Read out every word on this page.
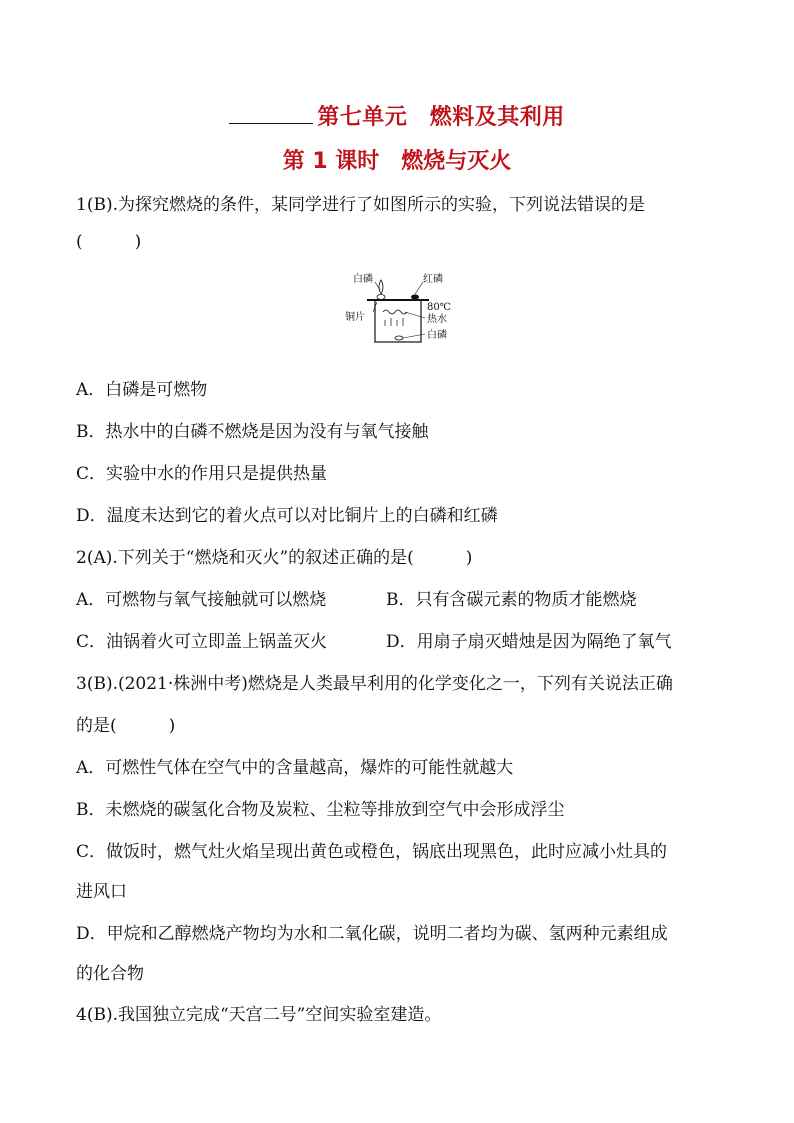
第七单元　燃料及其利用
第 1 课时　燃烧与灭火
1(B).为探究燃烧的条件，某同学进行了如图所示的实验，下列说法错误的是
(	)
白磷	红磷
80℃
铜片	热水
白磷
A．白磷是可燃物
B．热水中的白磷不燃烧是因为没有与氧气接触
C．实验中水的作用只是提供热量
D．温度未达到它的着火点可以对比铜片上的白磷和红磷
2(A).下列关于“燃烧和灭火”的叙述正确的是(	)
A．可燃物与氧气接触就可以燃烧	B．只有含碳元素的物质才能燃烧
C．油锅着火可立即盖上锅盖灭火	D．用扇子扇灭蜡烛是因为隔绝了氧气
3(B).(2021·株洲中考)燃烧是人类最早利用的化学变化之一，下列有关说法正确
的是(	)
A．可燃性气体在空气中的含量越高，爆炸的可能性就越大
B．未燃烧的碳氢化合物及炭粒、尘粒等排放到空气中会形成浮尘
C．做饭时，燃气灶火焰呈现出黄色或橙色，锅底出现黑色，此时应减小灶具的
进风口
D．甲烷和乙醇燃烧产物均为水和二氧化碳，说明二者均为碳、氢两种元素组成
的化合物
4(B).我国独立完成“天宫二号”空间实验室建造。
